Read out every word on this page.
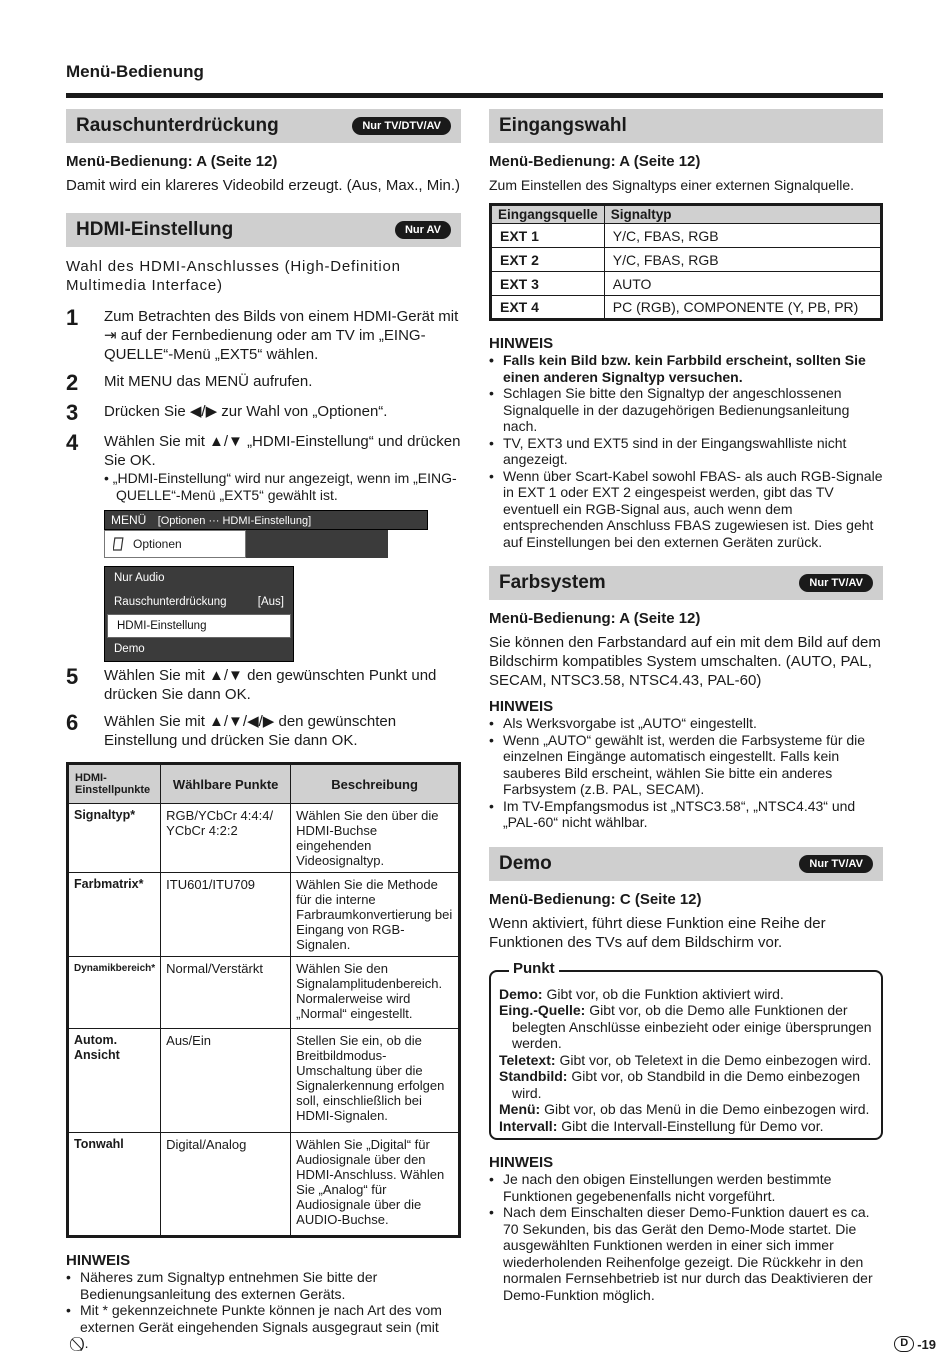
Menü-Bedienung
Rauschunterdrückung	Nur TV/DTV/AV
Menü-Bedienung: A (Seite 12)
Damit wird ein klareres Videobild erzeugt. (Aus, Max., Min.)
HDMI-Einstellung	Nur AV
Wahl des HDMI-Anschlusses (High-Definition Multimedia Interface)
1	Zum Betrachten des Bilds von einem HDMI-Gerät mit ⇥ auf der Fernbedienung oder am TV im „EING-QUELLE“-Menü „EXT5“ wählen.
2	Mit MENU das MENÜ aufrufen.
3	Drücken Sie ◀/▶ zur Wahl von „Optionen“.
4	Wählen Sie mit ▲/▼ „HDMI-Einstellung“ und drücken Sie OK.
• „HDMI-Einstellung“ wird nur angezeigt, wenn im „EING-QUELLE“-Menü „EXT5“ gewählt ist.
MENÜ [Optionen ··· HDMI-Einstellung]
Optionen
Nur Audio
Rauschunterdrückung	[Aus]
HDMI-Einstellung
Demo
5	Wählen Sie mit ▲/▼ den gewünschten Punkt und drücken Sie dann OK.
6	Wählen Sie mit ▲/▼/◀/▶ den gewünschten Einstellung und drücken Sie dann OK.
HDMI-Einstellpunkte	Wählbare Punkte	Beschreibung
Signaltyp*	RGB/YCbCr 4:4:4/ YCbCr 4:2:2	Wählen Sie den über die HDMI-Buchse eingehenden Videosignaltyp.
Farbmatrix*	ITU601/ITU709	Wählen Sie die Methode für die interne Farbraumkonvertierung bei Eingang von RGB-Signalen.
Dynamikbereich*	Normal/Verstärkt	Wählen Sie den Signalamplitudenbereich. Normalerweise wird „Normal“ eingestellt.
Autom. Ansicht	Aus/Ein	Stellen Sie ein, ob die Breitbildmodus-Umschaltung über die Signalerkennung erfolgen soll, einschließlich bei HDMI-Signalen.
Tonwahl	Digital/Analog	Wählen Sie „Digital“ für Audiosignale über den HDMI-Anschluss. Wählen Sie „Analog“ für Audiosignale über die AUDIO-Buchse.
HINWEIS
• Näheres zum Signaltyp entnehmen Sie bitte der Bedienungsanleitung des externen Geräts.
• Mit * gekennzeichnete Punkte können je nach Art des vom externen Gerät eingehenden Signals ausgegraut sein (mit ⃠).
Eingangswahl
Menü-Bedienung: A (Seite 12)
Zum Einstellen des Signaltyps einer externen Signalquelle.
Eingangsquelle	Signaltyp
EXT 1	Y/C, FBAS, RGB
EXT 2	Y/C, FBAS, RGB
EXT 3	AUTO
EXT 4	PC (RGB), COMPONENTE (Y, PB, PR)
HINWEIS
• Falls kein Bild bzw. kein Farbbild erscheint, sollten Sie einen anderen Signaltyp versuchen.
• Schlagen Sie bitte den Signaltyp der angeschlossenen Signalquelle in der dazugehörigen Bedienungsanleitung nach.
• TV, EXT3 und EXT5 sind in der Eingangswahlliste nicht angezeigt.
• Wenn über Scart-Kabel sowohl FBAS- als auch RGB-Signale in EXT 1 oder EXT 2 eingespeist werden, gibt das TV eventuell ein RGB-Signal aus, auch wenn dem entsprechenden Anschluss FBAS zugewiesen ist. Dies geht auf Einstellungen bei den externen Geräten zurück.
Farbsystem	Nur TV/AV
Menü-Bedienung: A (Seite 12)
Sie können den Farbstandard auf ein mit dem Bild auf dem Bildschirm kompatibles System umschalten. (AUTO, PAL, SECAM, NTSC3.58, NTSC4.43, PAL-60)
HINWEIS
• Als Werksvorgabe ist „AUTO“ eingestellt.
• Wenn „AUTO“ gewählt ist, werden die Farbsysteme für die einzelnen Eingänge automatisch eingestellt. Falls kein sauberes Bild erscheint, wählen Sie bitte ein anderes Farbsystem (z.B. PAL, SECAM).
• Im TV-Empfangsmodus ist „NTSC3.58“, „NTSC4.43“ und „PAL-60“ nicht wählbar.
Demo	Nur TV/AV
Menü-Bedienung: C (Seite 12)
Wenn aktiviert, führt diese Funktion eine Reihe der Funktionen des TVs auf dem Bildschirm vor.
Punkt

Demo: Gibt vor, ob die Funktion aktiviert wird.

Eing.-Quelle: Gibt vor, ob die Demo alle Funktionen der belegten Anschlüsse einbezieht oder einige übersprungen werden.

Teletext: Gibt vor, ob Teletext in die Demo einbezogen wird.

Standbild: Gibt vor, ob Standbild in die Demo einbezogen wird.

Menü: Gibt vor, ob das Menü in die Demo einbezogen wird.

Intervall: Gibt die Intervall-Einstellung für Demo vor.

HINWEIS
• Je nach den obigen Einstellungen werden bestimmte Funktionen gegebenenfalls nicht vorgeführt.
• Nach dem Einschalten dieser Demo-Funktion dauert es ca. 70 Sekunden, bis das Gerät den Demo-Mode startet. Die ausgewählten Funktionen werden in einer sich immer wiederholenden Reihenfolge gezeigt. Die Rückkehr in den normalen Fernsehbetrieb ist nur durch das Deaktivieren der Demo-Funktion möglich.
D -19
